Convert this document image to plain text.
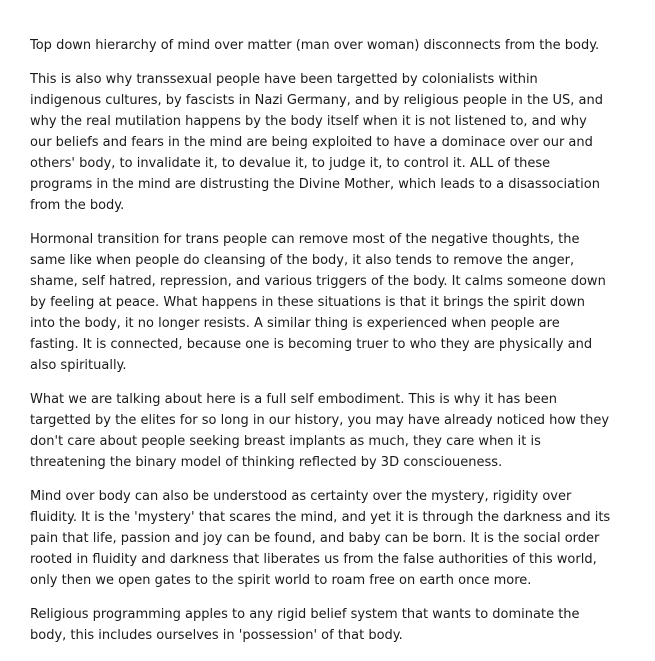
Top down hierarchy of mind over matter (man over woman) disconnects from the body.

This is also why transsexual people have been targetted by colonialists within indigenous cultures, by fascists in Nazi Germany, and by religious people in the US, and why the real mutilation happens by the body itself when it is not listened to, and why our beliefs and fears in the mind are being exploited to have a dominace over our and others' body, to invalidate it, to devalue it, to judge it, to control it. ALL of these programs in the mind are distrusting the Divine Mother, which leads to a disassociation from the body.

Hormonal transition for trans people can remove most of the negative thoughts, the same like when people do cleansing of the body, it also tends to remove the anger, shame, self hatred, repression, and various triggers of the body. It calms someone down by feeling at peace. What happens in these situations is that it brings the spirit down into the body, it no longer resists. A similar thing is experienced when people are fasting. It is connected, because one is becoming truer to who they are physically and also spiritually.

What we are talking about here is a full self embodiment. This is why it has been targetted by the elites for so long in our history, you may have already noticed how they don't care about people seeking breast implants as much, they care when it is threatening the binary model of thinking reflected by 3D conscioueness.

Mind over body can also be understood as certainty over the mystery, rigidity over fluidity. It is the 'mystery' that scares the mind, and yet it is through the darkness and its pain that life, passion and joy can be found, and baby can be born. It is the social order rooted in fluidity and darkness that liberates us from the false authorities of this world, only then we open gates to the spirit world to roam free on earth once more.

Religious programming apples to any rigid belief system that wants to dominate the body, this includes ourselves in 'possession' of that body.
